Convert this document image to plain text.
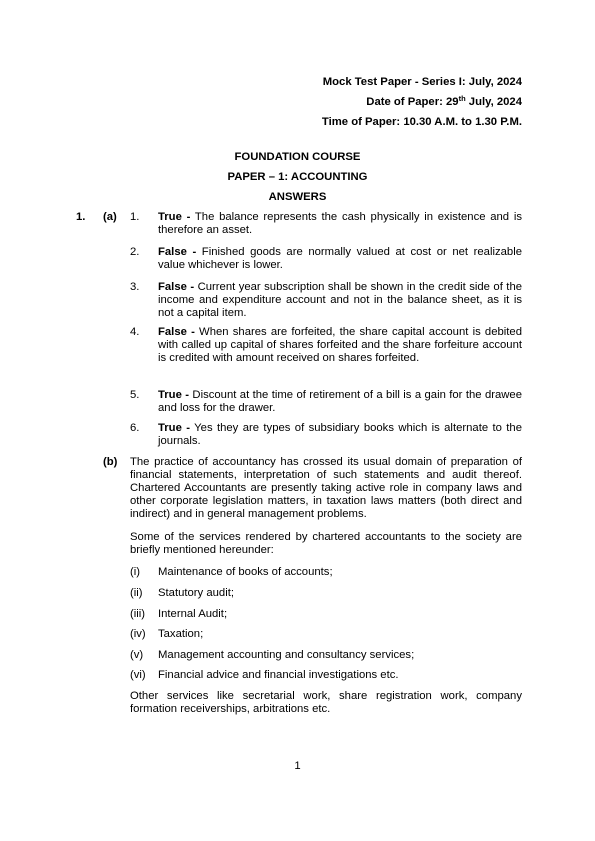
Mock Test Paper - Series I: July, 2024
Date of Paper: 29th July, 2024
Time of Paper: 10.30 A.M. to 1.30 P.M.
FOUNDATION COURSE
PAPER – 1: ACCOUNTING
ANSWERS
1. (a) 1. True - The balance represents the cash physically in existence and is therefore an asset.
2. False - Finished goods are normally valued at cost or net realizable value whichever is lower.
3. False - Current year subscription shall be shown in the credit side of the income and expenditure account and not in the balance sheet, as it is not a capital item.
4. False - When shares are forfeited, the share capital account is debited with called up capital of shares forfeited and the share forfeiture account is credited with amount received on shares forfeited.
5. True - Discount at the time of retirement of a bill is a gain for the drawee and loss for the drawer.
6. True - Yes they are types of subsidiary books which is alternate to the journals.
(b) The practice of accountancy has crossed its usual domain of preparation of financial statements, interpretation of such statements and audit thereof. Chartered Accountants are presently taking active role in company laws and other corporate legislation matters, in taxation laws matters (both direct and indirect) and in general management problems.
Some of the services rendered by chartered accountants to the society are briefly mentioned hereunder:
(i) Maintenance of books of accounts;
(ii) Statutory audit;
(iii) Internal Audit;
(iv) Taxation;
(v) Management accounting and consultancy services;
(vi) Financial advice and financial investigations etc.
Other services like secretarial work, share registration work, company formation receiverships, arbitrations etc.
1
